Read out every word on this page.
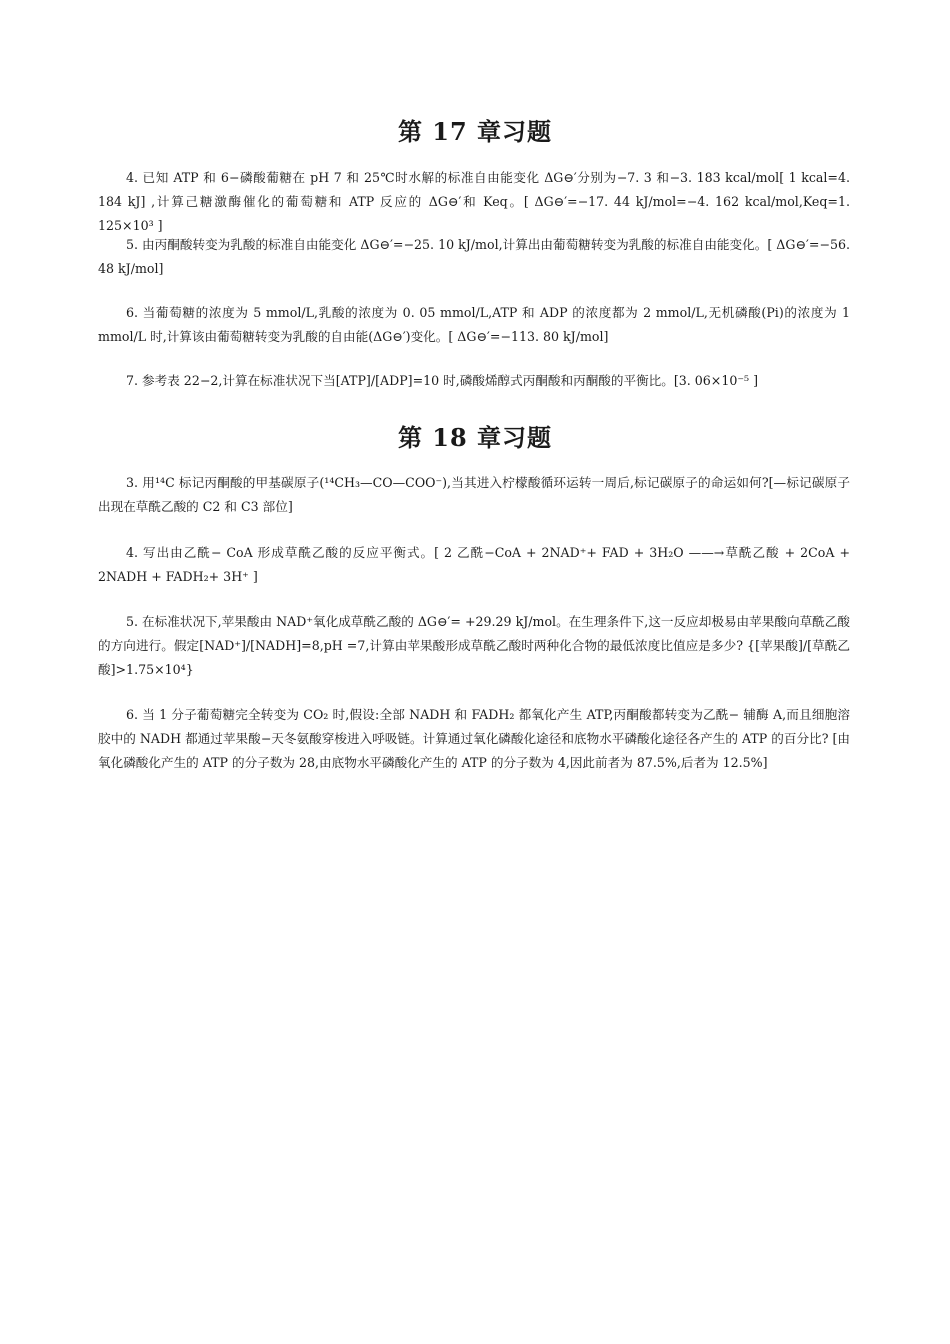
第 17 章习题

4. 已知 ATP 和 6−磷酸葡糖在 pH 7 和 25℃时水解的标准自由能变化 ΔG⊖′分别为−7. 3 和−3. 183 kcal/mol[ 1 kcal=4. 184 kJ] ,计算己糖激酶催化的葡萄糖和 ATP 反应的 ΔG⊖′和 Keq。[ ΔG⊖′=−17. 44 kJ/mol=−4. 162 kcal/mol,Keq=1. 125×10³ ]

5. 由丙酮酸转变为乳酸的标准自由能变化 ΔG⊖′=−25. 10 kJ/mol,计算出由葡萄糖转变为乳酸的标准自由能变化。[ ΔG⊖′=−56. 48 kJ/mol]

6. 当葡萄糖的浓度为 5 mmol/L,乳酸的浓度为 0. 05 mmol/L,ATP 和 ADP 的浓度都为 2 mmol/L,无机磷酸(Pi)的浓度为 1 mmol/L 时,计算该由葡萄糖转变为乳酸的自由能(ΔG⊖′)变化。[ ΔG⊖′=−113. 80 kJ/mol]

7. 参考表 22−2,计算在标准状况下当[ATP]/[ADP]=10 时,磷酸烯醇式丙酮酸和丙酮酸的平衡比。[3. 06×10⁻⁵ ]

第 18 章习题

3. 用¹⁴C 标记丙酮酸的甲基碳原子(¹⁴CH₃—CO—COO⁻),当其进入柠檬酸循环运转一周后,标记碳原子的命运如何?[—标记碳原子出现在草酰乙酸的 C2 和 C3 部位]

4. 写出由乙酰− CoA 形成草酰乙酸的反应平衡式。[ 2 乙酰−CoA + 2NAD⁺+ FAD + 3H₂O ——→草酰乙酸 + 2CoA + 2NADH + FADH₂+ 3H⁺ ]

5. 在标准状况下,苹果酸由 NAD⁺氧化成草酰乙酸的 ΔG⊖′= +29.29 kJ/mol。在生理条件下,这一反应却极易由苹果酸向草酰乙酸的方向进行。假定[NAD⁺]/[NADH]=8,pH =7,计算由苹果酸形成草酰乙酸时两种化合物的最低浓度比值应是多少? {[苹果酸]/[草酰乙酸]>1.75×10⁴}

6. 当 1 分子葡萄糖完全转变为 CO₂ 时,假设:全部 NADH 和 FADH₂ 都氧化产生 ATP,丙酮酸都转变为乙酰− 辅酶 A,而且细胞溶胶中的 NADH 都通过苹果酸−天冬氨酸穿梭进入呼吸链。计算通过氧化磷酸化途径和底物水平磷酸化途径各产生的 ATP 的百分比? [由氧化磷酸化产生的 ATP 的分子数为 28,由底物水平磷酸化产生的 ATP 的分子数为 4,因此前者为 87.5%,后者为 12.5%]
